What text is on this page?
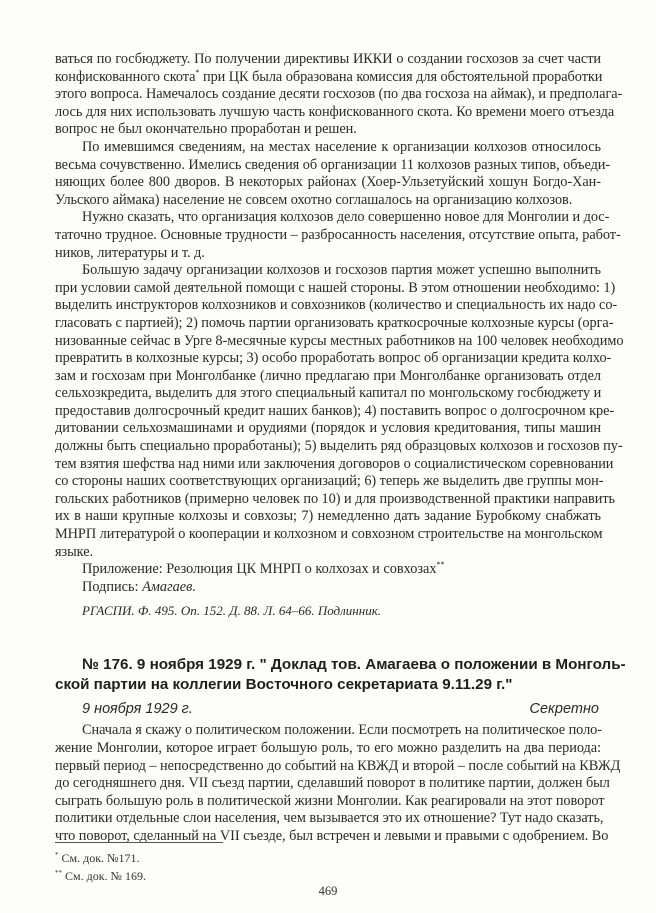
ваться по госбюджету. По получении директивы ИККИ о создании госхозов за счет части
конфискованного скота* при ЦК была образована комиссия для обстоятельной проработки
этого вопроса. Намечалось создание десяти госхозов (по два госхоза на аймак), и предполага-
лось для них использовать лучшую часть конфискованного скота. Ко времени моего отъезда
вопрос не был окончательно проработан и решен.
По имевшимся сведениям, на местах население к организации колхозов относилось
весьма сочувственно. Имелись сведения об организации 11 колхозов разных типов, объеди-
няющих более 800 дворов. В некоторых районах (Хоер-Ульзетуйский хошун Богдо-Хан-
Ульского аймака) население не совсем охотно соглашалось на организацию колхозов.
Нужно сказать, что организация колхозов дело совершенно новое для Монголии и дос-
таточно трудное. Основные трудности – разбросанность населения, отсутствие опыта, работ-
ников, литературы и т. д.
Большую задачу организации колхозов и госхозов партия может успешно выполнить
при условии самой деятельной помощи с нашей стороны. В этом отношении необходимо: 1)
выделить инструкторов колхозников и совхозников (количество и специальность их надо со-
гласовать с партией); 2) помочь партии организовать краткосрочные колхозные курсы (орга-
низованные сейчас в Урге 8-месячные курсы местных работников на 100 человек необходимо
превратить в колхозные курсы; 3) особо проработать вопрос об организации кредита колхо-
зам и госхозам при Монголбанке (лично предлагаю при Монголбанке организовать отдел
сельхозкредита, выделить для этого специальный капитал по монгольскому госбюджету и
предоставив долгосрочный кредит наших банков); 4) поставить вопрос о долгосрочном кре-
дитовании сельхозмашинами и орудиями (порядок и условия кредитования, типы машин
должны быть специально проработаны); 5) выделить ряд образцовых колхозов и госхозов пу-
тем взятия шефства над ними или заключения договоров о социалистическом соревновании
со стороны наших соответствующих организаций; 6) теперь же выделить две группы мон-
гольских работников (примерно человек по 10) и для производственной практики направить
их в наши крупные колхозы и совхозы; 7) немедленно дать задание Буробкому снабжать
МНРП литературой о кооперации и колхозном и совхозном строительстве на монгольском
языке.

Приложение: Резолюция ЦК МНРП о колхозах и совхозах**

Подпись: Амагаев.

РГАСПИ. Ф. 495. Оп. 152. Д. 88. Л. 64–66. Подлинник.
№ 176. 9 ноября 1929 г. " Доклад тов. Амагаева о положении в Монголь-
ской партии на коллегии Восточного секретариата 9.11.29 г."
9 ноября 1929 г.	Секретно
Сначала я скажу о политическом положении. Если посмотреть на политическое поло-
жение Монголии, которое играет большую роль, то его можно разделить на два периода:
первый период – непосредственно до событий на КВЖД и второй – после событий на КВЖД
до сегодняшнего дня. VII съезд партии, сделавший поворот в политике партии, должен был
сыграть большую роль в политической жизни Монголии. Как реагировали на этот поворот
политики отдельные слои населения, чем вызывается это их отношение? Тут надо сказать,
что поворот, сделанный на VII съезде, был встречен и левыми и правыми с одобрением. Во
* См. док. №171.
** См. док. № 169.
469
